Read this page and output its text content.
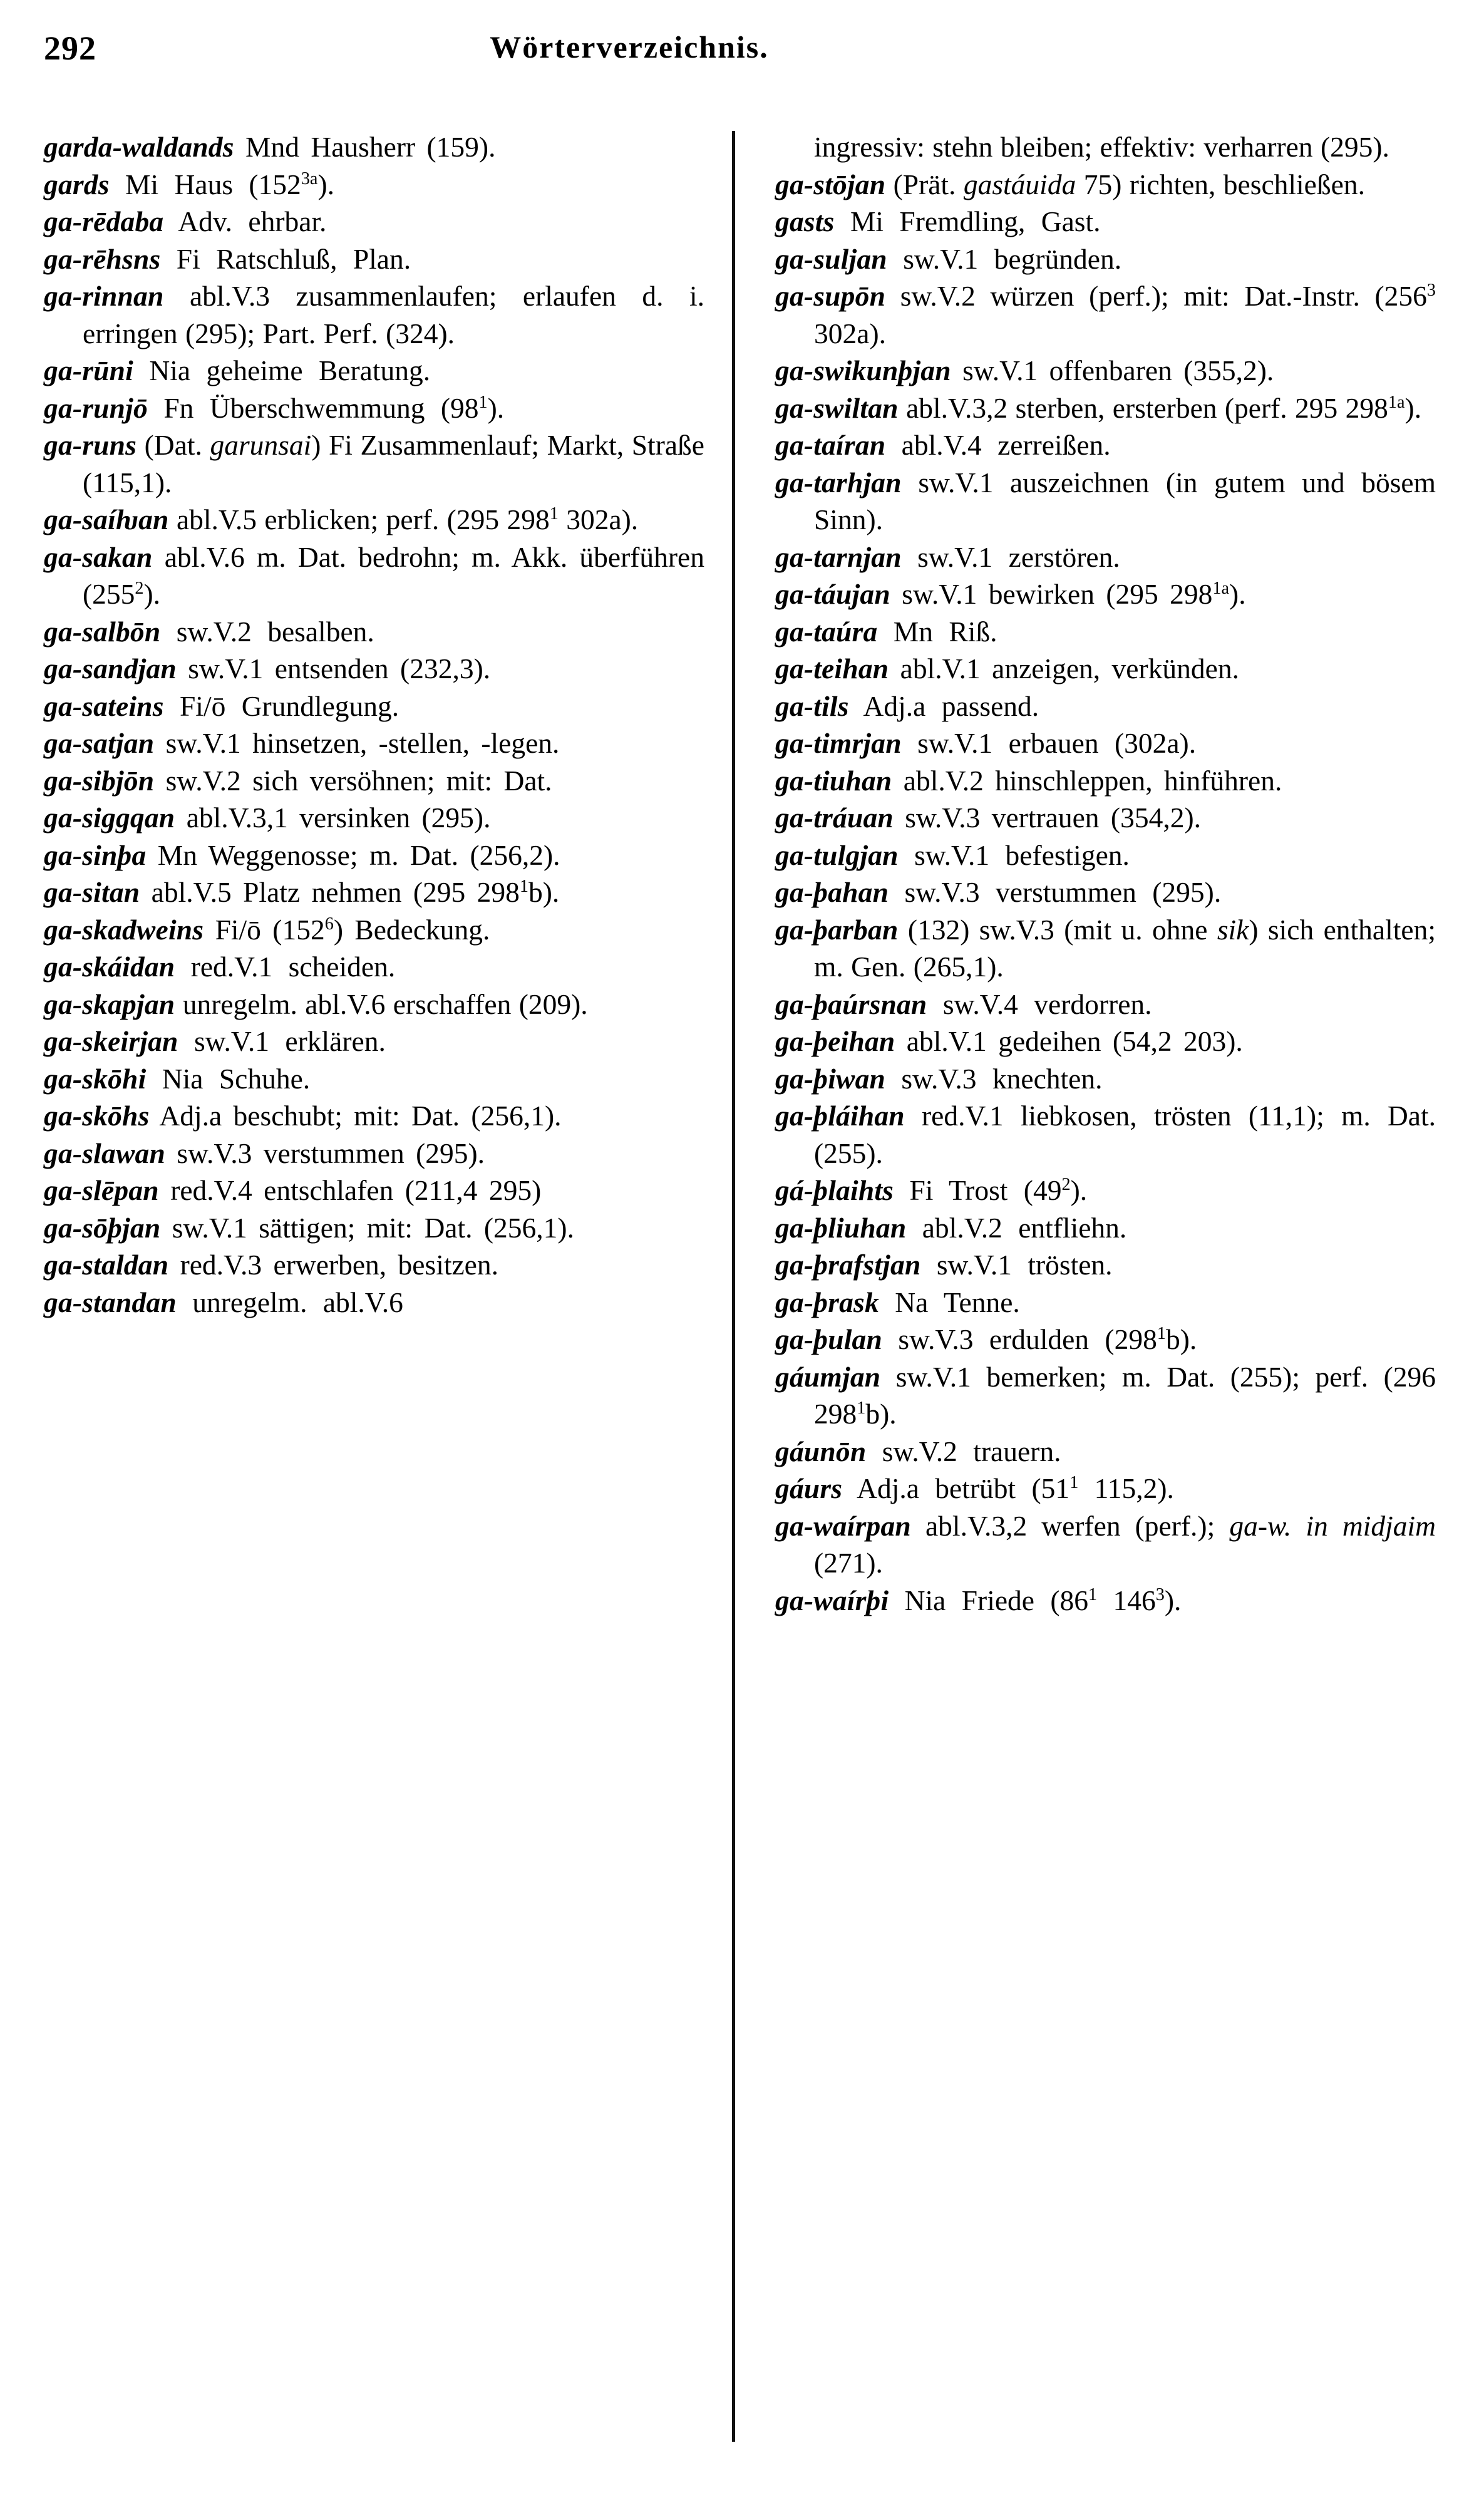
292	Wörterverzeichnis.

garda-waldands Mnd Hausherr (159).

gards Mi Haus $(152^{3a})$.

ga-rēdaba Adv. ehrbar.

ga-rēhsns Fi Ratschluß, Plan.

ga-rinnan abl.V.3 zusammenlaufen; erlaufen d. i. erringen (295); Part. Perf. (324).

ga-rūni Nia geheime Beratung.

ga-runjō Fn Überschwemmung $(98^1)$.

ga-runs (Dat. garunsai) Fi Zusammenlauf; Markt, Straße (115,1).

ga-saíƕan abl.V.5 erblicken; perf. (295 $298^1$ 302a).

ga-sakan abl.V.6 m. Dat. bedrohn; m. Akk. überführen $(255^2)$.

ga-salbōn sw.V.2 besalben.

ga-sandjan sw.V.1 entsenden (232,3).

ga-sateins Fi/ō Grundlegung.

ga-satjan sw.V.1 hinsetzen, -stellen, -legen.

ga-sibjōn sw.V.2 sich versöhnen; mit: Dat.

ga-siggqan abl.V.3,1 versinken (295).

ga-sinþa Mn Weggenosse; m. Dat. (256,2).

ga-sitan abl.V.5 Platz nehmen (295 $298^1b$).

ga-skadweins Fi/ō $(152^6)$ Bedeckung.

ga-skáidan red.V.1 scheiden.

ga-skapjan unregelm. abl.V.6 erschaffen (209).

ga-skeirjan sw.V.1 erklären.

ga-skōhi Nia Schuhe.

ga-skōhs Adj.a beschubt; mit: Dat. (256,1).

ga-slawan sw.V.3 verstummen (295).

ga-slēpan red.V.4 entschlafen (211,4 295)

ga-sōþjan sw.V.1 sättigen; mit: Dat. (256,1).

ga-staldan red.V.3 erwerben, besitzen.

ga-standan unregelm. abl.V.6

ingressiv: stehn bleiben; effektiv: verharren (295).

ga-stōjan (Prät. gastáuida 75) richten, beschließen.

gasts Mi Fremdling, Gast.

ga-suljan sw.V.1 begründen.

ga-supōn sw.V.2 würzen (perf.); mit: Dat.-Instr. ($256^3$ 302a).

ga-swikunþjan sw.V.1 offenbaren (355,2).

ga-swiltan abl.V.3,2 sterben, ersterben (perf. 295 $298^{1a}$).

ga-taíran abl.V.4 zerreißen.

ga-tarhjan sw.V.1 auszeichnen (in gutem und bösem Sinn).

ga-tarnjan sw.V.1 zerstören.

ga-táujan sw.V.1 bewirken (295 $298^{1a}$).

ga-taúra Mn Riß.

ga-teihan abl.V.1 anzeigen, verkünden.

ga-tils Adj.a passend.

ga-timrjan sw.V.1 erbauen (302a).

ga-tiuhan abl.V.2 hinschleppen, hinführen.

ga-tráuan sw.V.3 vertrauen (354,2).

ga-tulgjan sw.V.1 befestigen.

ga-þahan sw.V.3 verstummen (295).

ga-þarban (132) sw.V.3 (mit u. ohne sik) sich enthalten; m. Gen. (265,1).

ga-þaúrsnan sw.V.4 verdorren.

ga-þeihan abl.V.1 gedeihen (54,2 203).

ga-þiwan sw.V.3 knechten.

ga-þláihan red.V.1 liebkosen, trösten (11,1); m. Dat. (255).

gá-þlaihts Fi Trost $(49^2)$.

ga-þliuhan abl.V.2 entfliehn.

ga-þrafstjan sw.V.1 trösten.

ga-þrask Na Tenne.

ga-þulan sw.V.3 erdulden $(298^1b)$.

gáumjan sw.V.1 bemerken; m. Dat. (255); perf. (296 $298^1b$).

gáunōn sw.V.2 trauern.

gáurs Adj.a betrübt ($51^1$ 115,2).

ga-waírpan abl.V.3,2 werfen (perf.); ga-w. in midjaim (271).

ga-waírþi Nia Friede ($86^1$ $146^3$).
